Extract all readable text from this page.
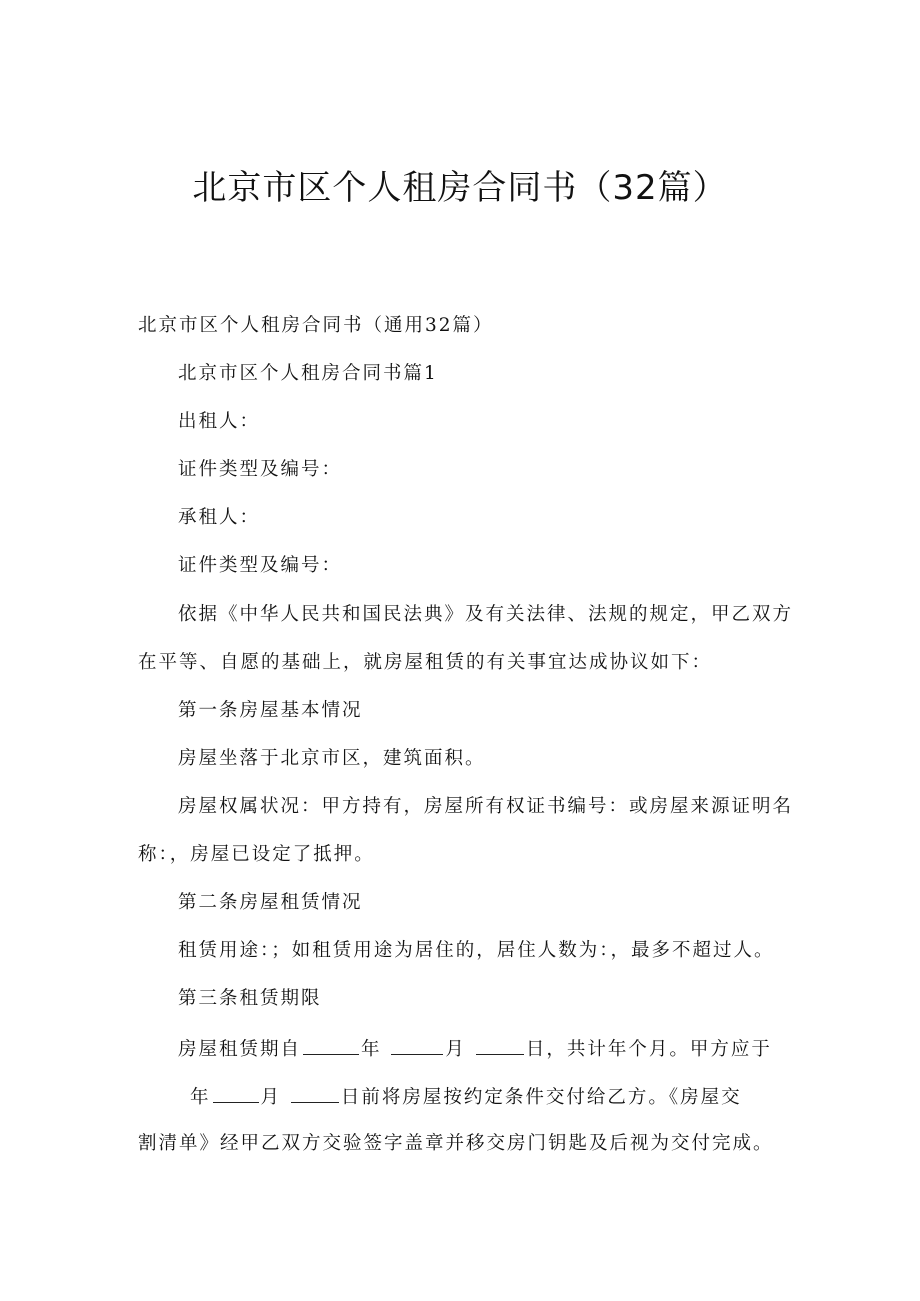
北京市区个人租房合同书（32篇）
北京市区个人租房合同书（通用32篇）
北京市区个人租房合同书篇1
出租人：
证件类型及编号：
承租人：
证件类型及编号：
依据《中华人民共和国民法典》及有关法律、法规的规定，甲乙双方
在平等、自愿的基础上，就房屋租赁的有关事宜达成协议如下：
第一条房屋基本情况
房屋坐落于北京市区，建筑面积。
房屋权属状况：甲方持有，房屋所有权证书编号：或房屋来源证明名
称：，房屋已设定了抵押。
第二条房屋租赁情况
租赁用途：；如租赁用途为居住的，居住人数为：，最多不超过人。
第三条租赁期限
房屋租赁期自	年	月	日，共计年个月。甲方应于
年	月	日前将房屋按约定条件交付给乙方。《房屋交
割清单》经甲乙双方交验签字盖章并移交房门钥匙及后视为交付完成。
